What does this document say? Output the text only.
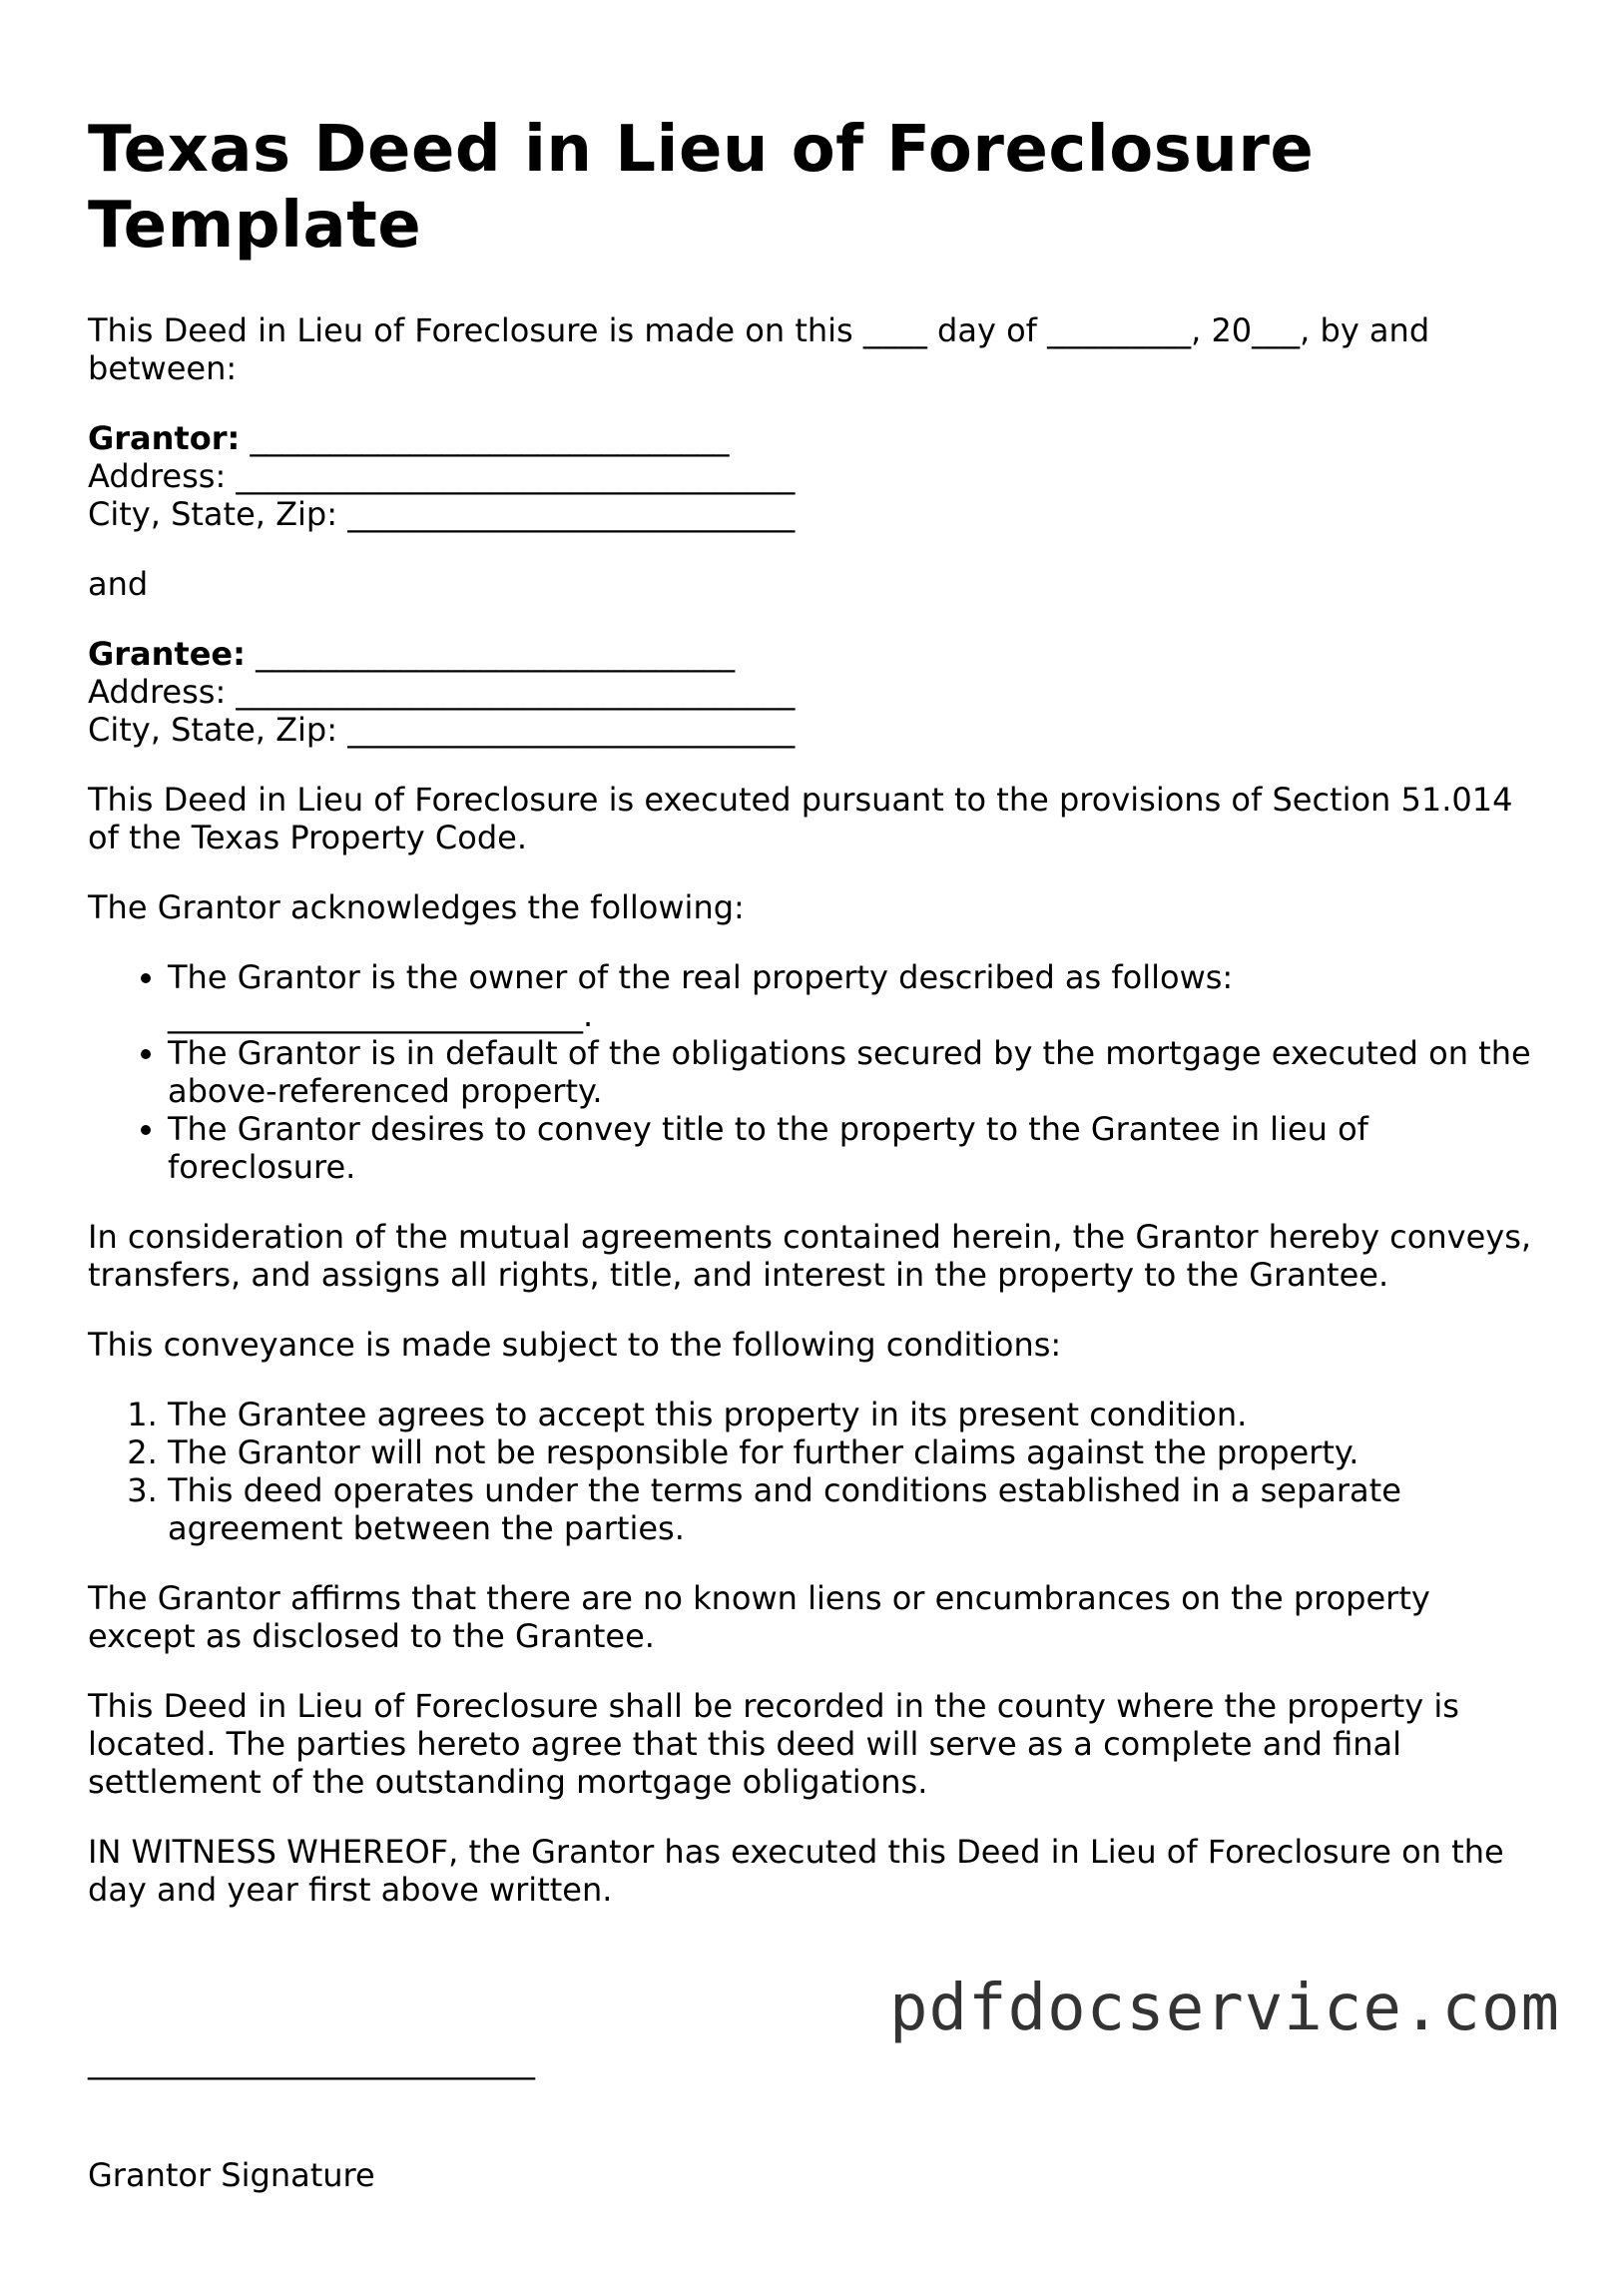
Texas Deed in Lieu of Foreclosure Template

This Deed in Lieu of Foreclosure is made on this ____ day of _________, 20___, by and between:

Grantor: ______________________________
Address: ___________________________________
City, State, Zip: ____________________________

and

Grantee: ______________________________
Address: ___________________________________
City, State, Zip: ____________________________

This Deed in Lieu of Foreclosure is executed pursuant to the provisions of Section 51.014 of the Texas Property Code.

The Grantor acknowledges the following:

• The Grantor is the owner of the real property described as follows: __________________________.
• The Grantor is in default of the obligations secured by the mortgage executed on the above-referenced property.
• The Grantor desires to convey title to the property to the Grantee in lieu of foreclosure.

In consideration of the mutual agreements contained herein, the Grantor hereby conveys, transfers, and assigns all rights, title, and interest in the property to the Grantee.

This conveyance is made subject to the following conditions:

1. The Grantee agrees to accept this property in its present condition.
2. The Grantor will not be responsible for further claims against the property.
3. This deed operates under the terms and conditions established in a separate agreement between the parties.

The Grantor affirms that there are no known liens or encumbrances on the property except as disclosed to the Grantee.

This Deed in Lieu of Foreclosure shall be recorded in the county where the property is located. The parties hereto agree that this deed will serve as a complete and final settlement of the outstanding mortgage obligations.

IN WITNESS WHEREOF, the Grantor has executed this Deed in Lieu of Foreclosure on the day and year first above written.

____________________________

Grantor Signature

pdfdocservice.com
